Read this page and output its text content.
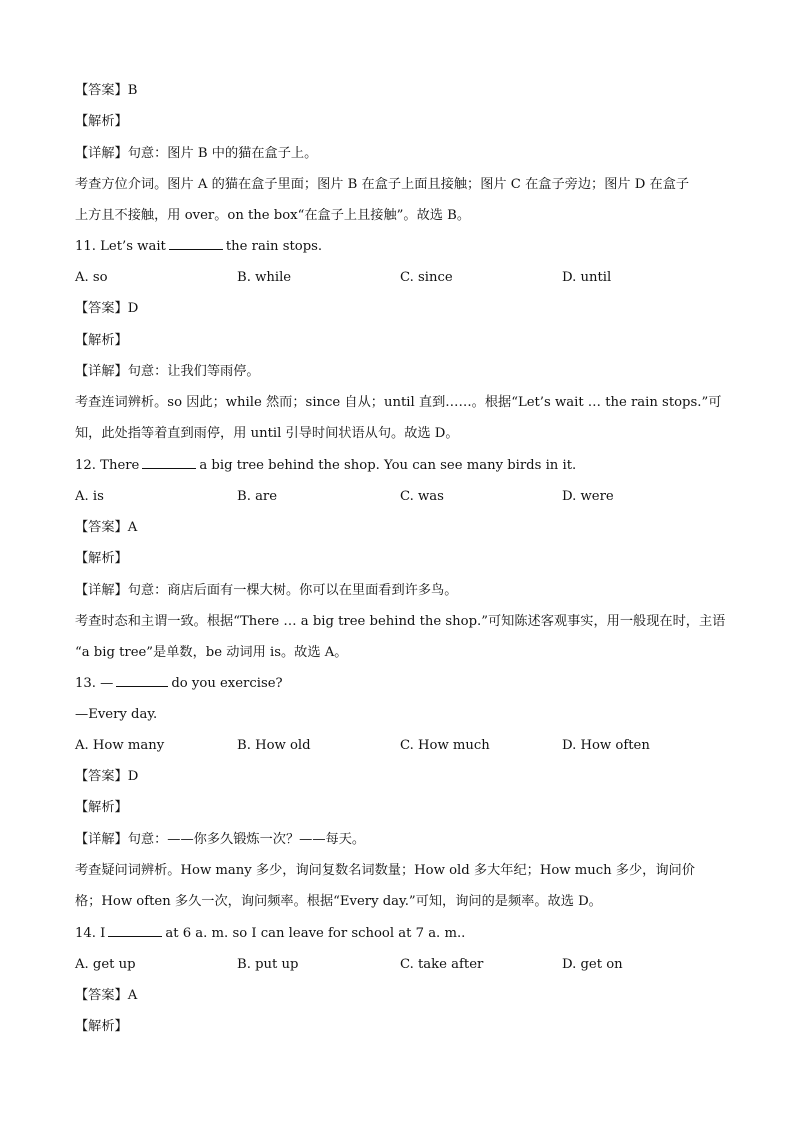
【答案】B
【解析】
【详解】句意：图片 B 中的猫在盒子上。
考查方位介词。图片 A 的猫在盒子里面；图片 B 在盒子上面且接触；图片 C 在盒子旁边；图片 D 在盒子
上方且不接触，用 over。on the box“在盒子上且接触”。故选 B。
11. Let’s wait	the rain stops.
A. so	B. while	C. since	D. until
【答案】D
【解析】
【详解】句意：让我们等雨停。
考查连词辨析。so 因此；while 然而；since 自从；until 直到……。根据“Let’s wait … the rain stops.”可
知，此处指等着直到雨停，用 until 引导时间状语从句。故选 D。
12. There	a big tree behind the shop. You can see many birds in it.
A. is	B. are	C. was	D. were
【答案】A
【解析】
【详解】句意：商店后面有一棵大树。你可以在里面看到许多鸟。
考查时态和主谓一致。根据“There … a big tree behind the shop.”可知陈述客观事实，用一般现在时，主语
“a big tree”是单数，be 动词用 is。故选 A。
13. —	do you exercise?
—Every day.
A. How many	B. How old	C. How much	D. How often
【答案】D
【解析】
【详解】句意：——你多久锻炼一次？——每天。
考查疑问词辨析。How many 多少，询问复数名词数量；How old 多大年纪；How much 多少，询问价
格；How often 多久一次，询问频率。根据“Every day.”可知，询问的是频率。故选 D。
14. I	at 6 a. m. so I can leave for school at 7 a. m..
A. get up	B. put up	C. take after	D. get on
【答案】A
【解析】
